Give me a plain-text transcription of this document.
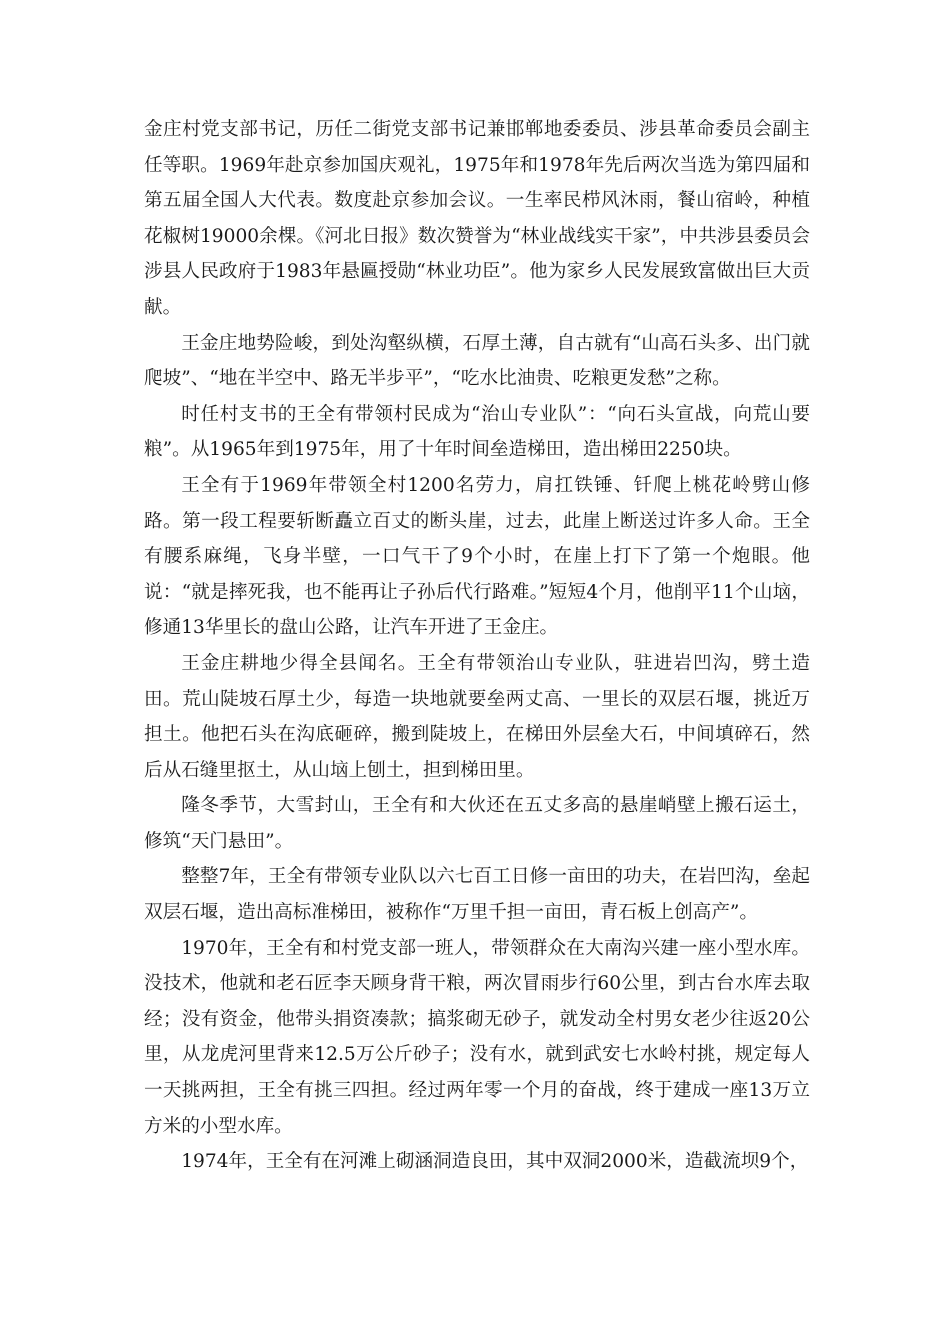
金庄村党支部书记，历任二街党支部书记兼邯郸地委委员、涉县革命委员会副主任等职。1969年赴京参加国庆观礼，1975年和1978年先后两次当选为第四届和第五届全国人大代表。数度赴京参加会议。一生率民栉风沐雨，餐山宿岭，种植花椒树19000余棵。《河北日报》数次赞誉为“林业战线实干家”，中共涉县委员会涉县人民政府于1983年悬匾授勋“林业功臣”。他为家乡人民发展致富做出巨大贡献。

王金庄地势险峻，到处沟壑纵横，石厚土薄，自古就有“山高石头多、出门就爬坡”、“地在半空中、路无半步平”，“吃水比油贵、吃粮更发愁”之称。

时任村支书的王全有带领村民成为“治山专业队”：“向石头宣战，向荒山要粮”。从1965年到1975年，用了十年时间垒造梯田，造出梯田2250块。

王全有于1969年带领全村1200名劳力，肩扛铁锤、钎爬上桃花岭劈山修路。第一段工程要斩断矗立百丈的断头崖，过去，此崖上断送过许多人命。王全有腰系麻绳，飞身半壁，一口气干了9个小时，在崖上打下了第一个炮眼。他说：“就是摔死我，也不能再让子孙后代行路难。”短短4个月，他削平11个山垴，修通13华里长的盘山公路，让汽车开进了王金庄。

王金庄耕地少得全县闻名。王全有带领治山专业队，驻进岩凹沟，劈土造田。荒山陡坡石厚土少，每造一块地就要垒两丈高、一里长的双层石堰，挑近万担土。他把石头在沟底砸碎，搬到陡坡上，在梯田外层垒大石，中间填碎石，然后从石缝里抠土，从山垴上刨土，担到梯田里。

隆冬季节，大雪封山，王全有和大伙还在五丈多高的悬崖峭壁上搬石运土，修筑“天门悬田”。

整整7年，王全有带领专业队以六七百工日修一亩田的功夫，在岩凹沟，垒起双层石堰，造出高标准梯田，被称作“万里千担一亩田，青石板上创高产”。

1970年，王全有和村党支部一班人，带领群众在大南沟兴建一座小型水库。没技术，他就和老石匠李天顾身背干粮，两次冒雨步行60公里，到古台水库去取经；没有资金，他带头捐资凑款；搞浆砌无砂子，就发动全村男女老少往返20公里，从龙虎河里背来12.5万公斤砂子；没有水，就到武安七水岭村挑，规定每人一天挑两担，王全有挑三四担。经过两年零一个月的奋战，终于建成一座13万立方米的小型水库。

1974年，王全有在河滩上砌涵洞造良田，其中双洞2000米，造截流坝9个，
